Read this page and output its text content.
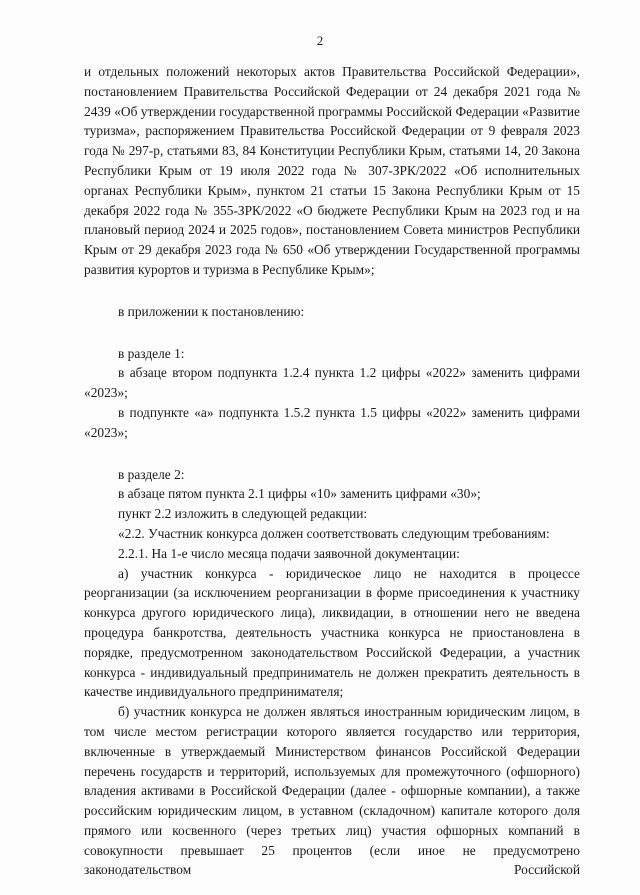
2

и отдельных положений некоторых актов Правительства Российской Федерации», постановлением Правительства Российской Федерации от 24 декабря 2021 года № 2439 «Об утверждении государственной программы Российской Федерации «Развитие туризма», распоряжением Правительства Российской Федерации от 9 февраля 2023 года № 297-р, статьями 83, 84 Конституции Республики Крым, статьями 14, 20 Закона Республики Крым от 19 июля 2022 года № 307-ЗРК/2022 «Об исполнительных органах Республики Крым», пунктом 21 статьи 15 Закона Республики Крым от 15 декабря 2022 года № 355-ЗРК/2022 «О бюджете Республики Крым на 2023 год и на плановый период 2024 и 2025 годов», постановлением Совета министров Республики Крым от 29 декабря 2023 года № 650 «Об утверждении Государственной программы развития курортов и туризма в Республике Крым»;

в приложении к постановлению:

в разделе 1:

в абзаце втором подпункта 1.2.4 пункта 1.2 цифры «2022» заменить цифрами «2023»;

в подпункте «а» подпункта 1.5.2 пункта 1.5 цифры «2022» заменить цифрами «2023»;

в разделе 2:

в абзаце пятом пункта 2.1 цифры «10» заменить цифрами «30»;

пункт 2.2 изложить в следующей редакции:

«2.2. Участник конкурса должен соответствовать следующим требованиям:

2.2.1. На 1-е число месяца подачи заявочной документации:

а) участник конкурса - юридическое лицо не находится в процессе реорганизации (за исключением реорганизации в форме присоединения к участнику конкурса другого юридического лица), ликвидации, в отношении него не введена процедура банкротства, деятельность участника конкурса не приостановлена в порядке, предусмотренном законодательством Российской Федерации, а участник конкурса - индивидуальный предприниматель не должен прекратить деятельность в качестве индивидуального предпринимателя;

б) участник конкурса не должен являться иностранным юридическим лицом, в том числе местом регистрации которого является государство или территория, включенные в утверждаемый Министерством финансов Российской Федерации перечень государств и территорий, используемых для промежуточного (офшорного) владения активами в Российской Федерации (далее - офшорные компании), а также российским юридическим лицом, в уставном (складочном) капитале которого доля прямого или косвенного (через третьих лиц) участия офшорных компаний в совокупности превышает 25 процентов (если иное не предусмотрено законодательством Российской
